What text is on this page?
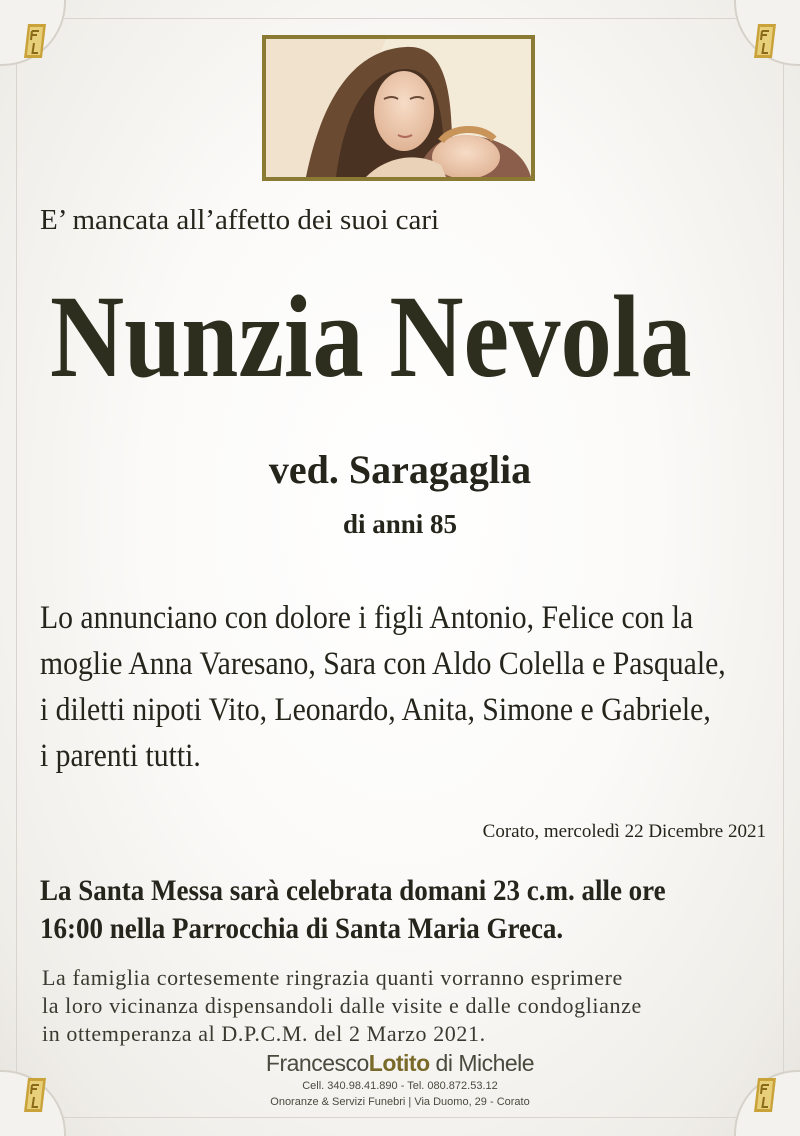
E’ mancata all’affetto dei suoi cari

Nunzia Nevola

ved. Saragaglia

di anni 85

Lo annunciano con dolore i figli Antonio, Felice con la
moglie Anna Varesano, Sara con Aldo Colella e Pasquale,
i diletti nipoti Vito, Leonardo, Anita, Simone e Gabriele,
i parenti tutti.

Corato, mercoledì 22 Dicembre 2021

La Santa Messa sarà celebrata domani 23 c.m. alle ore
16:00 nella Parrocchia di Santa Maria Greca.
La famiglia cortesemente ringrazia quanti vorranno esprimere
la loro vicinanza dispensandoli dalle visite e dalle condoglianze
in ottemperanza al D.P.C.M. del 2 Marzo 2021.
FrancescoLotito di Michele
Cell. 340.98.41.890 - Tel. 080.872.53.12
Onoranze & Servizi Funebri | Via Duomo, 29 - Corato
